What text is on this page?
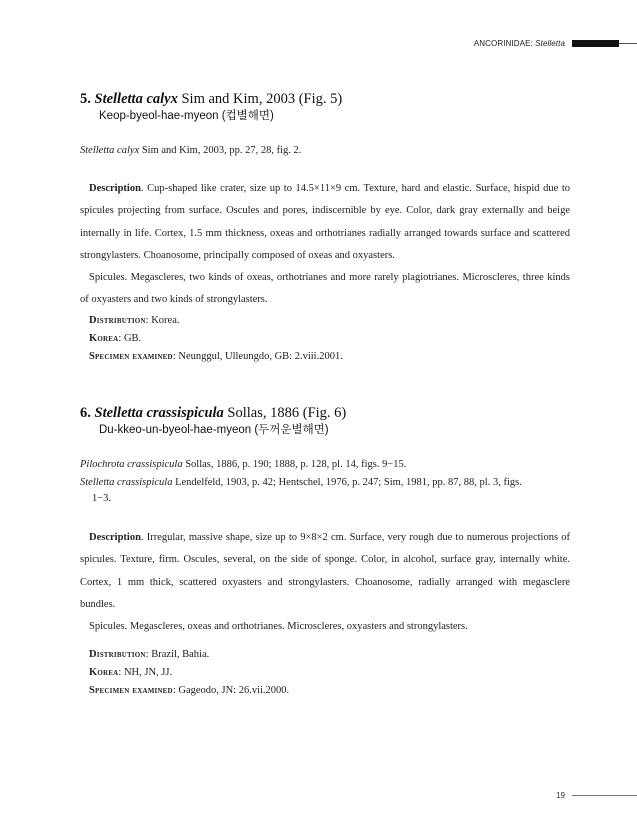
ANCORINIDAE: Stelletta
5. Stelletta calyx Sim and Kim, 2003 (Fig. 5)
Keop-byeol-hae-myeon (컵별해면)
Stelletta calyx Sim and Kim, 2003, pp. 27, 28, fig. 2.
Description. Cup-shaped like crater, size up to 14.5×11×9 cm. Texture, hard and elastic. Surface, hispid due to spicules projecting from surface. Oscules and pores, indiscernible by eye. Color, dark gray externally and beige internally in life. Cortex, 1.5 mm thickness, oxeas and orthotrianes radially arranged towards surface and scattered strongylasters. Choanosome, principally composed of oxeas and oxyasters.
Spicules. Megascleres, two kinds of oxeas, orthotrianes and more rarely plagiotrianes. Microscleres, three kinds of oxyasters and two kinds of strongylasters.
Distribution: Korea.
Korea: GB.
Specimen examined: Neunggul, Ulleungdo, GB: 2.viii.2001.
6. Stelletta crassispicula Sollas, 1886 (Fig. 6)
Du-kkeo-un-byeol-hae-myeon (두꺼운별해면)
Pilochrota crassispicula Sollas, 1886, p. 190; 1888, p. 128, pl. 14, figs. 9−15.
Stelletta crassispicula Lendelfeld, 1903, p. 42; Hentschel, 1976, p. 247; Sim, 1981, pp. 87, 88, pl. 3, figs.
1−3.
Description. Irregular, massive shape, size up to 9×8×2 cm. Surface, very rough due to numerous projections of spicules. Texture, firm. Oscules, several, on the side of sponge. Color, in alcohol, surface gray, internally white. Cortex, 1 mm thick, scattered oxyasters and strongylasters. Choanosome, radially arranged with megasclere bundles.
Spicules. Megascleres, oxeas and orthotrianes. Microscleres, oxyasters and strongylasters.
Distribution: Brazil, Bahia.
Korea: NH, JN, JJ.
Specimen examined: Gageodo, JN: 26.vii.2000.
19
